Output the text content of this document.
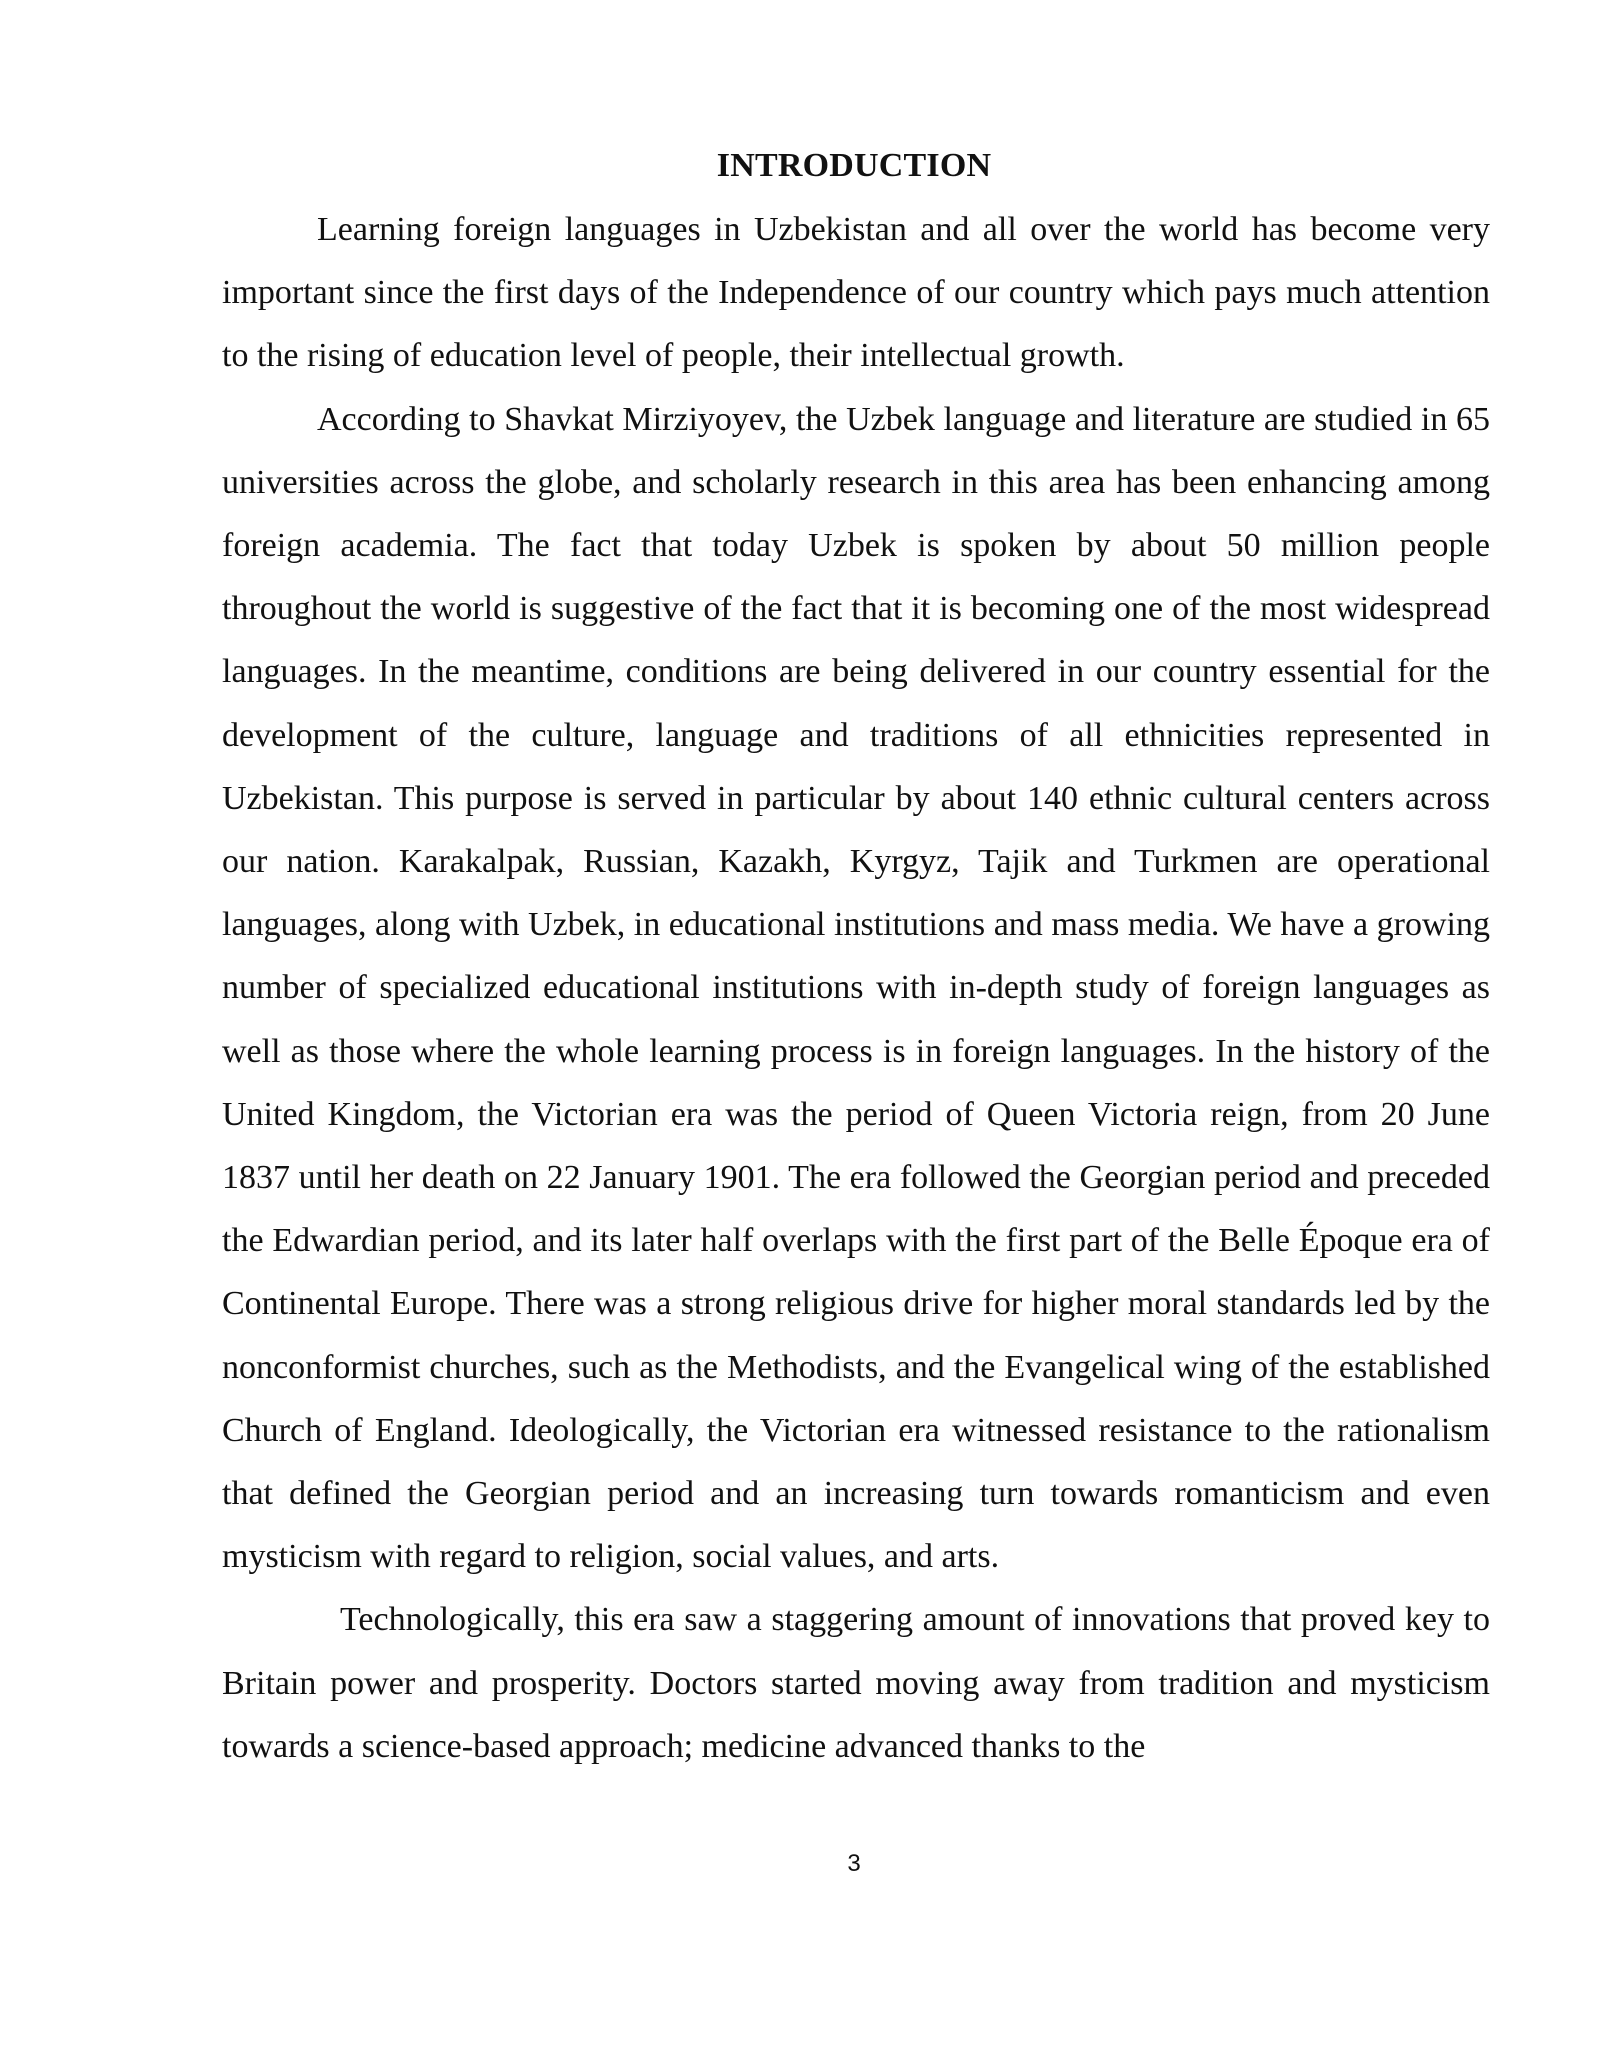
INTRODUCTION

Learning foreign languages in Uzbekistan and all over the world has become very important since the first days of the Independence of our country which pays much attention to the rising of education level of people, their intellectual growth.

According to Shavkat Mirziyoyev, the Uzbek language and literature are studied in 65 universities across the globe, and scholarly research in this area has been enhancing among foreign academia. The fact that today Uzbek is spoken by about 50 million people throughout the world is suggestive of the fact that it is becoming one of the most widespread languages. In the meantime, conditions are being delivered in our country essential for the development of the culture, language and traditions of all ethnicities represented in Uzbekistan. This purpose is served in particular by about 140 ethnic cultural centers across our nation. Karakalpak, Russian, Kazakh, Kyrgyz, Tajik and Turkmen are operational languages, along with Uzbek, in educational institutions and mass media. We have a growing number of specialized educational institutions with in-depth study of foreign languages as well as those where the whole learning process is in foreign languages. In the history of the United Kingdom, the Victorian era was the period of Queen Victoria reign, from 20 June 1837 until her death on 22 January 1901. The era followed the Georgian period and preceded the Edwardian period, and its later half overlaps with the first part of the Belle Époque era of Continental Europe. There was a strong religious drive for higher moral standards led by the nonconformist churches, such as the Methodists, and the Evangelical wing of the established Church of England. Ideologically, the Victorian era witnessed resistance to the rationalism that defined the Georgian period and an increasing turn towards romanticism and even mysticism with regard to religion, social values, and arts.

Technologically, this era saw a staggering amount of innovations that proved key to Britain power and prosperity. Doctors started moving away from tradition and mysticism towards a science-based approach; medicine advanced thanks to the

3
